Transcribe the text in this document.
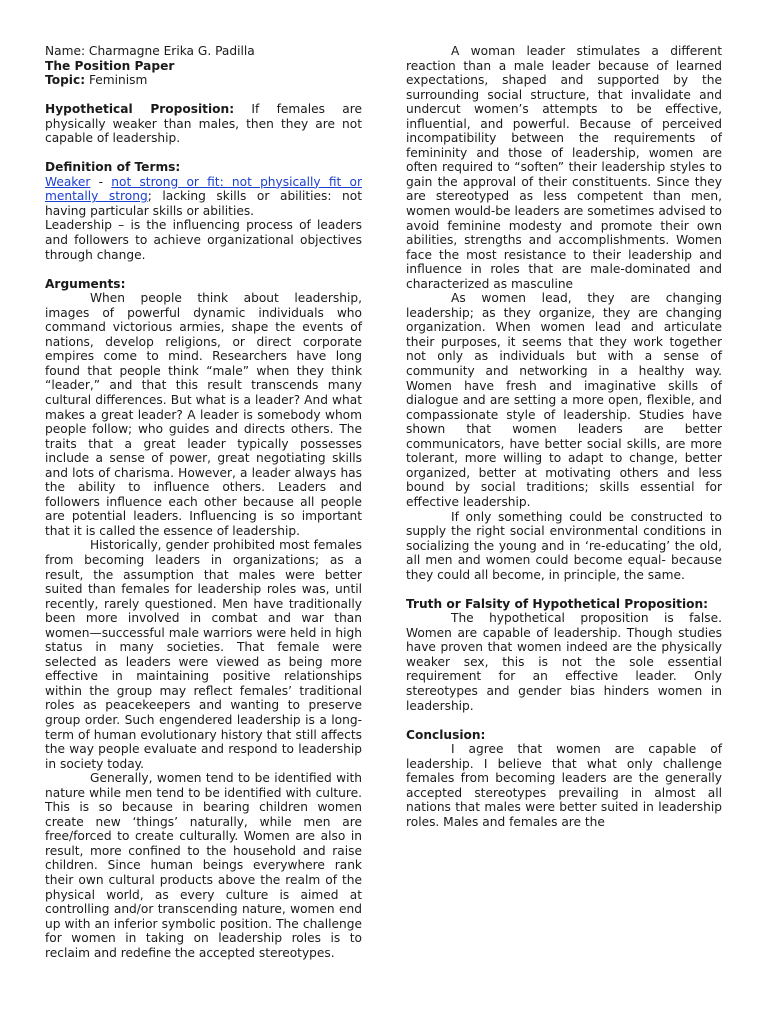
Name: Charmagne Erika G. Padilla

The Position Paper

Topic: Feminism

Hypothetical Proposition: If females are physically weaker than males, then they are not capable of leadership.

Definition of Terms:

Weaker - not strong or fit: not physically fit or mentally strong; lacking skills or abilities: not having particular skills or abilities.

Leadership – is the influencing process of leaders and followers to achieve organizational objectives through change.

Arguments:

When people think about leadership, images of powerful dynamic individuals who command victorious armies, shape the events of nations, develop religions, or direct corporate empires come to mind. Researchers have long found that people think “male” when they think “leader,” and that this result transcends many cultural differences. But what is a leader? And what makes a great leader? A leader is somebody whom people follow; who guides and directs others. The traits that a great leader typically possesses include a sense of power, great negotiating skills and lots of charisma. However, a leader always has the ability to influence others. Leaders and followers influence each other because all people are potential leaders. Influencing is so important that it is called the essence of leadership.

Historically, gender prohibited most females from becoming leaders in organizations; as a result, the assumption that males were better suited than females for leadership roles was, until recently, rarely questioned. Men have traditionally been more involved in combat and war than women—successful male warriors were held in high status in many societies. That female were selected as leaders were viewed as being more effective in maintaining positive relationships within the group may reflect females’ traditional roles as peacekeepers and wanting to preserve group order. Such engendered leadership is a long-term of human evolutionary history that still affects the way people evaluate and respond to leadership in society today.

Generally, women tend to be identified with nature while men tend to be identified with culture. This is so because in bearing children women create new ‘things’ naturally, while men are free/forced to create culturally. Women are also in result, more confined to the household and raise children. Since human beings everywhere rank their own cultural products above the realm of the physical world, as every culture is aimed at controlling and/or transcending nature, women end up with an inferior symbolic position. The challenge for women in taking on leadership roles is to reclaim and redefine the accepted stereotypes.

A woman leader stimulates a different reaction than a male leader because of learned expectations, shaped and supported by the surrounding social structure, that invalidate and undercut women’s attempts to be effective, influential, and powerful. Because of perceived incompatibility between the requirements of femininity and those of leadership, women are often required to “soften” their leadership styles to gain the approval of their constituents. Since they are stereotyped as less competent than men, women would-be leaders are sometimes advised to avoid feminine modesty and promote their own abilities, strengths and accomplishments. Women face the most resistance to their leadership and influence in roles that are male-dominated and characterized as masculine

As women lead, they are changing leadership; as they organize, they are changing organization. When women lead and articulate their purposes, it seems that they work together not only as individuals but with a sense of community and networking in a healthy way. Women have fresh and imaginative skills of dialogue and are setting a more open, flexible, and compassionate style of leadership. Studies have shown that women leaders are better communicators, have better social skills, are more tolerant, more willing to adapt to change, better organized, better at motivating others and less bound by social traditions; skills essential for effective leadership.

If only something could be constructed to supply the right social environmental conditions in socializing the young and in ‘re-educating’ the old, all men and women could become equal- because they could all become, in principle, the same.

Truth or Falsity of Hypothetical Proposition:

The hypothetical proposition is false. Women are capable of leadership. Though studies have proven that women indeed are the physically weaker sex, this is not the sole essential requirement for an effective leader. Only stereotypes and gender bias hinders women in leadership.

Conclusion:

I agree that women are capable of leadership. I believe that what only challenge females from becoming leaders are the generally accepted stereotypes prevailing in almost all nations that males were better suited in leadership roles. Males and females are the
